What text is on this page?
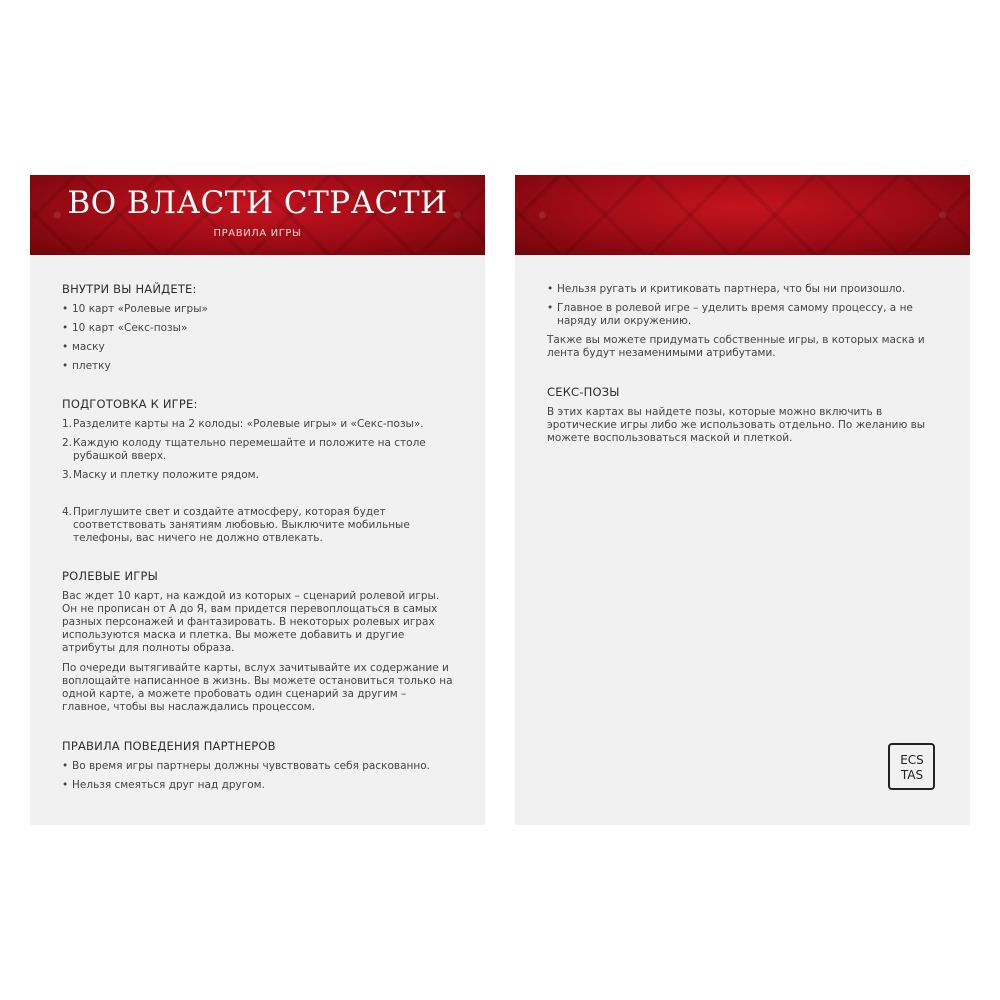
ВО ВЛАСТИ СТРАСТИ
ПРАВИЛА ИГРЫ
ВНУТРИ ВЫ НАЙДЕТЕ:
• 10 карт «Ролевые игры»
• 10 карт «Секс-позы»
• маску
• плетку
ПОДГОТОВКА К ИГРЕ:
1. Разделите карты на 2 колоды: «Ролевые игры» и «Секс-позы».
2. Каждую колоду тщательно перемешайте и положите на столе рубашкой вверх.
3. Маску и плетку положите рядом.
4. Приглушите свет и создайте атмосферу, которая будет соответствовать занятиям любовью. Выключите мобильные телефоны, вас ничего не должно отвлекать.
РОЛЕВЫЕ ИГРЫ
Вас ждет 10 карт, на каждой из которых – сценарий ролевой игры. Он не прописан от А до Я, вам придется перевоплощаться в самых разных персонажей и фантазировать. В некоторых ролевых играх используются маска и плетка. Вы можете добавить и другие атрибуты для полноты образа.
По очереди вытягивайте карты, вслух зачитывайте их содержание и воплощайте написанное в жизнь. Вы можете остановиться только на одной карте, а можете пробовать один сценарий за другим – главное, чтобы вы наслаждались процессом.
ПРАВИЛА ПОВЕДЕНИЯ ПАРТНЕРОВ
• Во время игры партнеры должны чувствовать себя раскованно.
• Нельзя смеяться друг над другом.
• Нельзя ругать и критиковать партнера, что бы ни произошло.
• Главное в ролевой игре – уделить время самому процессу, а не наряду или окружению.
Также вы можете придумать собственные игры, в которых маска и лента будут незаменимыми атрибутами.
СЕКС-ПОЗЫ
В этих картах вы найдете позы, которые можно включить в эротические игры либо же использовать отдельно. По желанию вы можете воспользоваться маской и плеткой.
ECS
TAS
